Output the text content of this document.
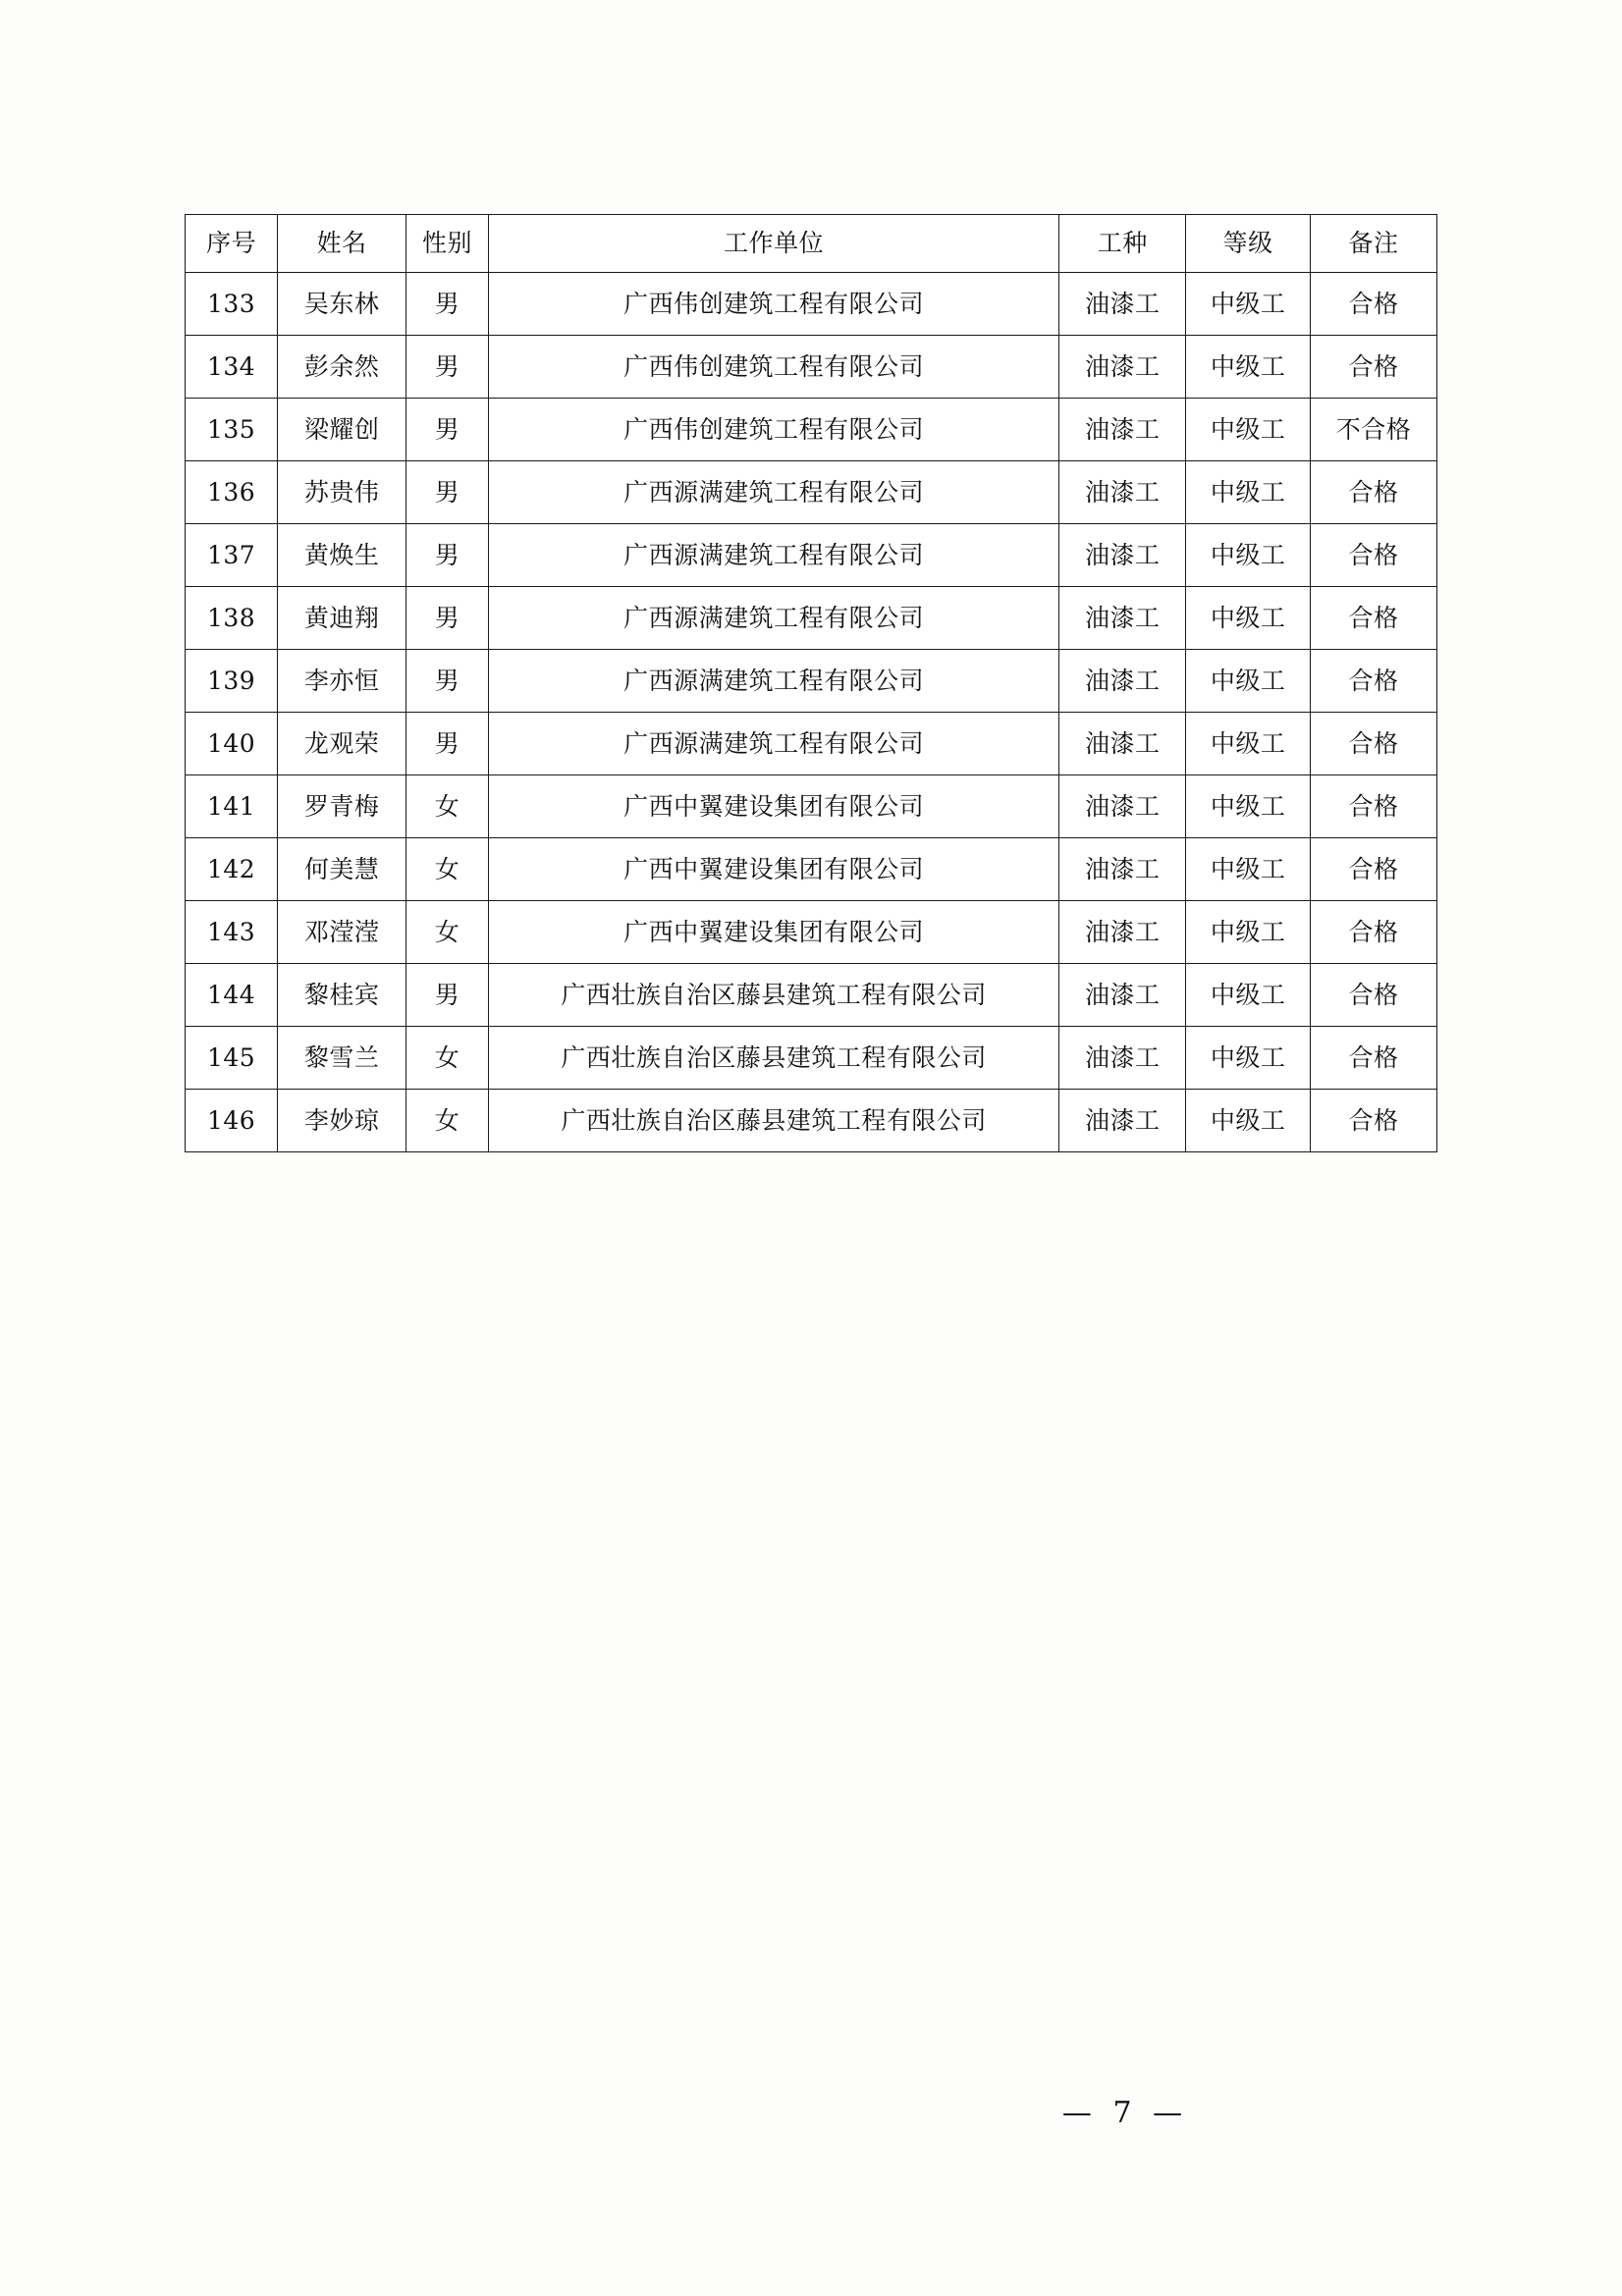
序号	姓名	性别	工作单位	工种	等级	备注
133	吴东林	男	广西伟创建筑工程有限公司	油漆工	中级工	合格
134	彭余然	男	广西伟创建筑工程有限公司	油漆工	中级工	合格
135	梁耀创	男	广西伟创建筑工程有限公司	油漆工	中级工	不合格
136	苏贵伟	男	广西源满建筑工程有限公司	油漆工	中级工	合格
137	黄焕生	男	广西源满建筑工程有限公司	油漆工	中级工	合格
138	黄迪翔	男	广西源满建筑工程有限公司	油漆工	中级工	合格
139	李亦恒	男	广西源满建筑工程有限公司	油漆工	中级工	合格
140	龙观荣	男	广西源满建筑工程有限公司	油漆工	中级工	合格
141	罗青梅	女	广西中翼建设集团有限公司	油漆工	中级工	合格
142	何美慧	女	广西中翼建设集团有限公司	油漆工	中级工	合格
143	邓滢滢	女	广西中翼建设集团有限公司	油漆工	中级工	合格
144	黎桂宾	男	广西壮族自治区藤县建筑工程有限公司	油漆工	中级工	合格
145	黎雪兰	女	广西壮族自治区藤县建筑工程有限公司	油漆工	中级工	合格
146	李妙琼	女	广西壮族自治区藤县建筑工程有限公司	油漆工	中级工	合格
— 7 —
